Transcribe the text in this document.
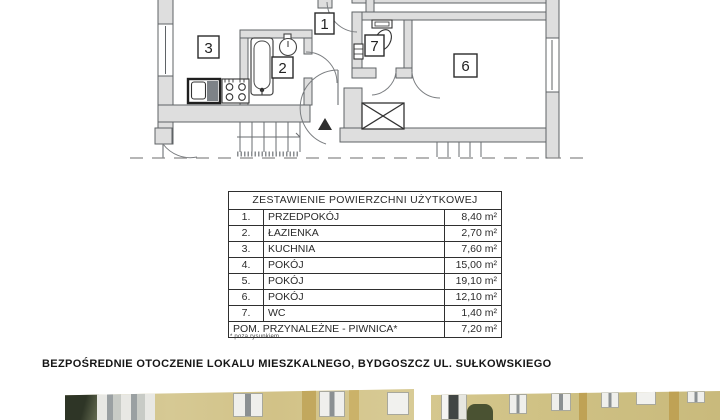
1
2
3
6
7
ZESTAWIENIE POWIERZCHNI UŻYTKOWEJ		
1.	PRZEDPOKÓJ	8,40 m²
2.	ŁAZIENKA	2,70 m²
3.	KUCHNIA	7,60 m²
4.	POKÓJ	15,00 m²
5.	POKÓJ	19,10 m²
6.	POKÓJ	12,10 m²
7.	WC	1,40 m²
POM. PRZYNALEŻNE - PIWNICA*		7,20 m²
* poza rysunkiem
BEZPOŚREDNIE OTOCZENIE LOKALU MIESZKALNEGO, BYDGOSZCZ UL. SUŁKOWSKIEGO
